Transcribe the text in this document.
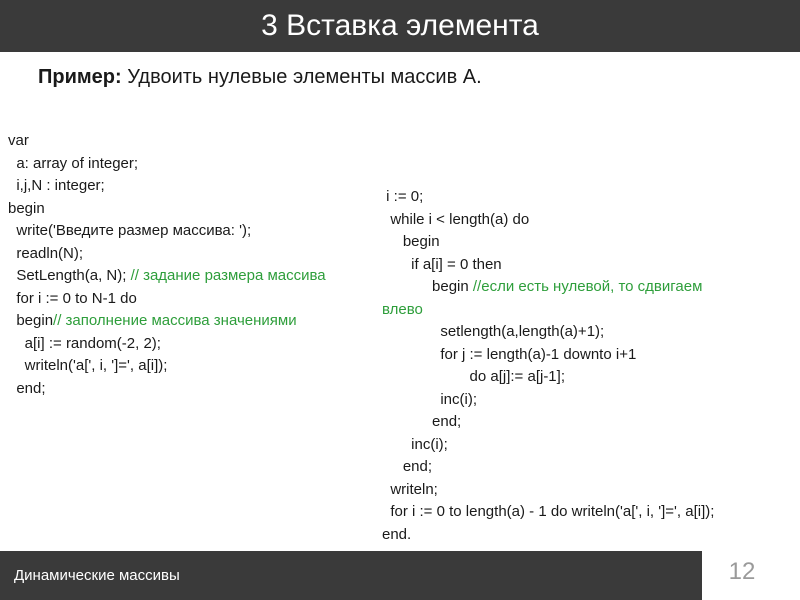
3 Вставка элемента
Пример: Удвоить нулевые элементы массив А.
var
a: array of integer;
i,j,N : integer;
begin
write('Введите размер массива: ');
readln(N);
SetLength(a, N); // задание размера массива
for i := 0 to N-1 do
begin// заполнение массива значениями
a[i] := random(-2, 2);
writeln('a[', i, ']=', a[i]);
end;
i := 0;
while i < length(a) do
begin
if a[i] = 0 then
begin //если есть нулевой, то сдвигаем
влево
setlength(a,length(a)+1);
for j := length(a)-1 downto i+1
do a[j]:= a[j-1];
inc(i);
end;
inc(i);
end;
writeln;
for i := 0 to length(a) - 1 do writeln('a[', i, ']=', a[i]);
end.
Динамические массивы	12
